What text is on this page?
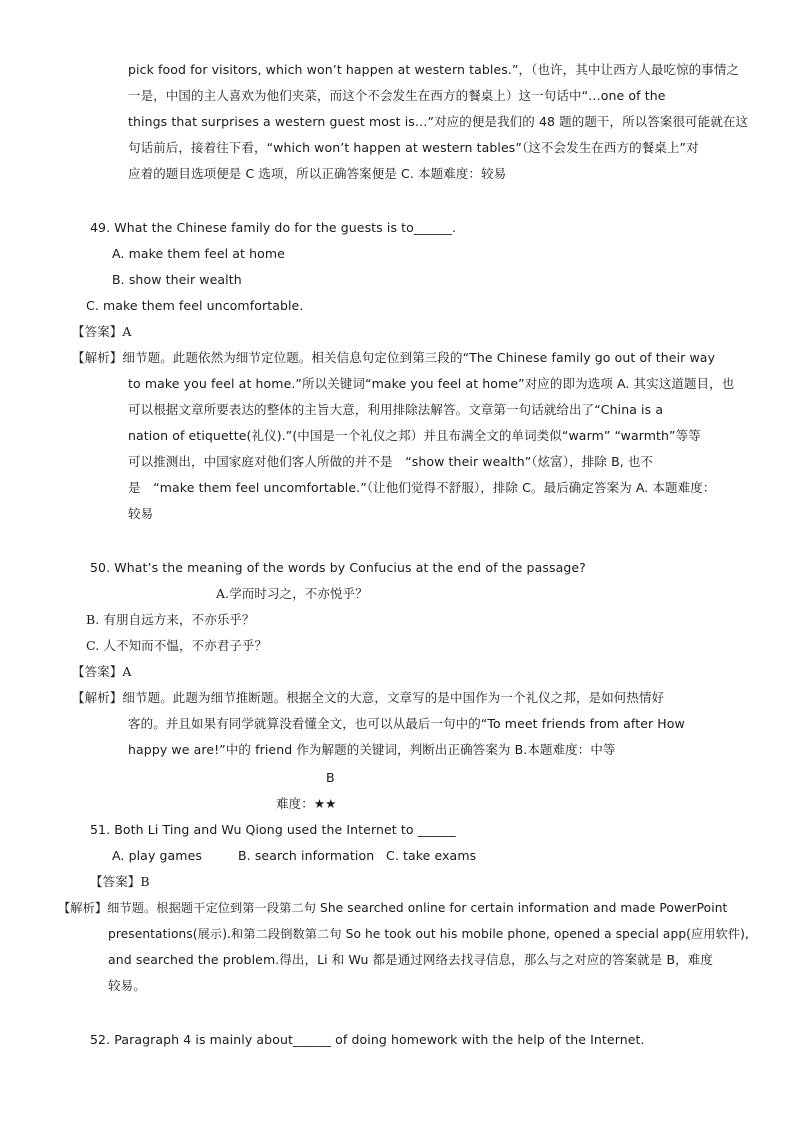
pick food for visitors, which won’t happen at western tables.”，（也许，其中让西方人最吃惊的事情之
一是，中国的主人喜欢为他们夹菜，而这个不会发生在西方的餐桌上）这一句话中“…one of the
things that surprises a western guest most is…”对应的便是我们的 48 题的题干，所以答案很可能就在这
句话前后，接着往下看，“which won’t happen at western tables”（这不会发生在西方的餐桌上”对
应着的题目选项便是 C 选项，所以正确答案便是 C. 本题难度：较易
49. What the Chinese family do for the guests is to______.
A. make them feel at home
B. show their wealth
C. make them feel uncomfortable.
【答案】A
【解析】细节题。此题依然为细节定位题。相关信息句定位到第三段的“The Chinese family go out of their way
to make you feel at home.”所以关键词“make you feel at home”对应的即为选项 A. 其实这道题目，也
可以根据文章所要表达的整体的主旨大意，利用排除法解答。文章第一句话就给出了“China is a
nation of etiquette(礼仪).”(中国是一个礼仪之邦）并且布满全文的单词类似“warm” “warmth”等等
可以推测出，中国家庭对他们客人所做的并不是　“show their wealth”（炫富），排除 B, 也不
是　“make them feel uncomfortable.”（让他们觉得不舒服），排除 C。最后确定答案为 A. 本题难度：
较易
50. What’s the meaning of the words by Confucius at the end of the passage?
A.学而时习之，不亦悦乎？
B. 有朋自远方来，不亦乐乎？
C. 人不知而不愠，不亦君子乎？
【答案】A
【解析】细节题。此题为细节推断题。根据全文的大意，文章写的是中国作为一个礼仪之邦，是如何热情好
客的。并且如果有同学就算没看懂全文，也可以从最后一句中的“To meet friends from after How
happy we are!”中的 friend 作为解题的关键词，判断出正确答案为 B.本题难度：中等
B
难度：★★
51. Both Li Ting and Wu Qiong used the Internet to ______
A. play games	B. search information C. take exams
【答案】B
【解析】细节题。根据题干定位到第一段第二句 She searched online for certain information and made PowerPoint
presentations(展示).和第二段倒数第二句 So he took out his mobile phone, opened a special app(应用软件),
and searched the problem.得出，Li 和 Wu 都是通过网络去找寻信息，那么与之对应的答案就是 B，难度
较易。
52. Paragraph 4 is mainly about______ of doing homework with the help of the Internet.
